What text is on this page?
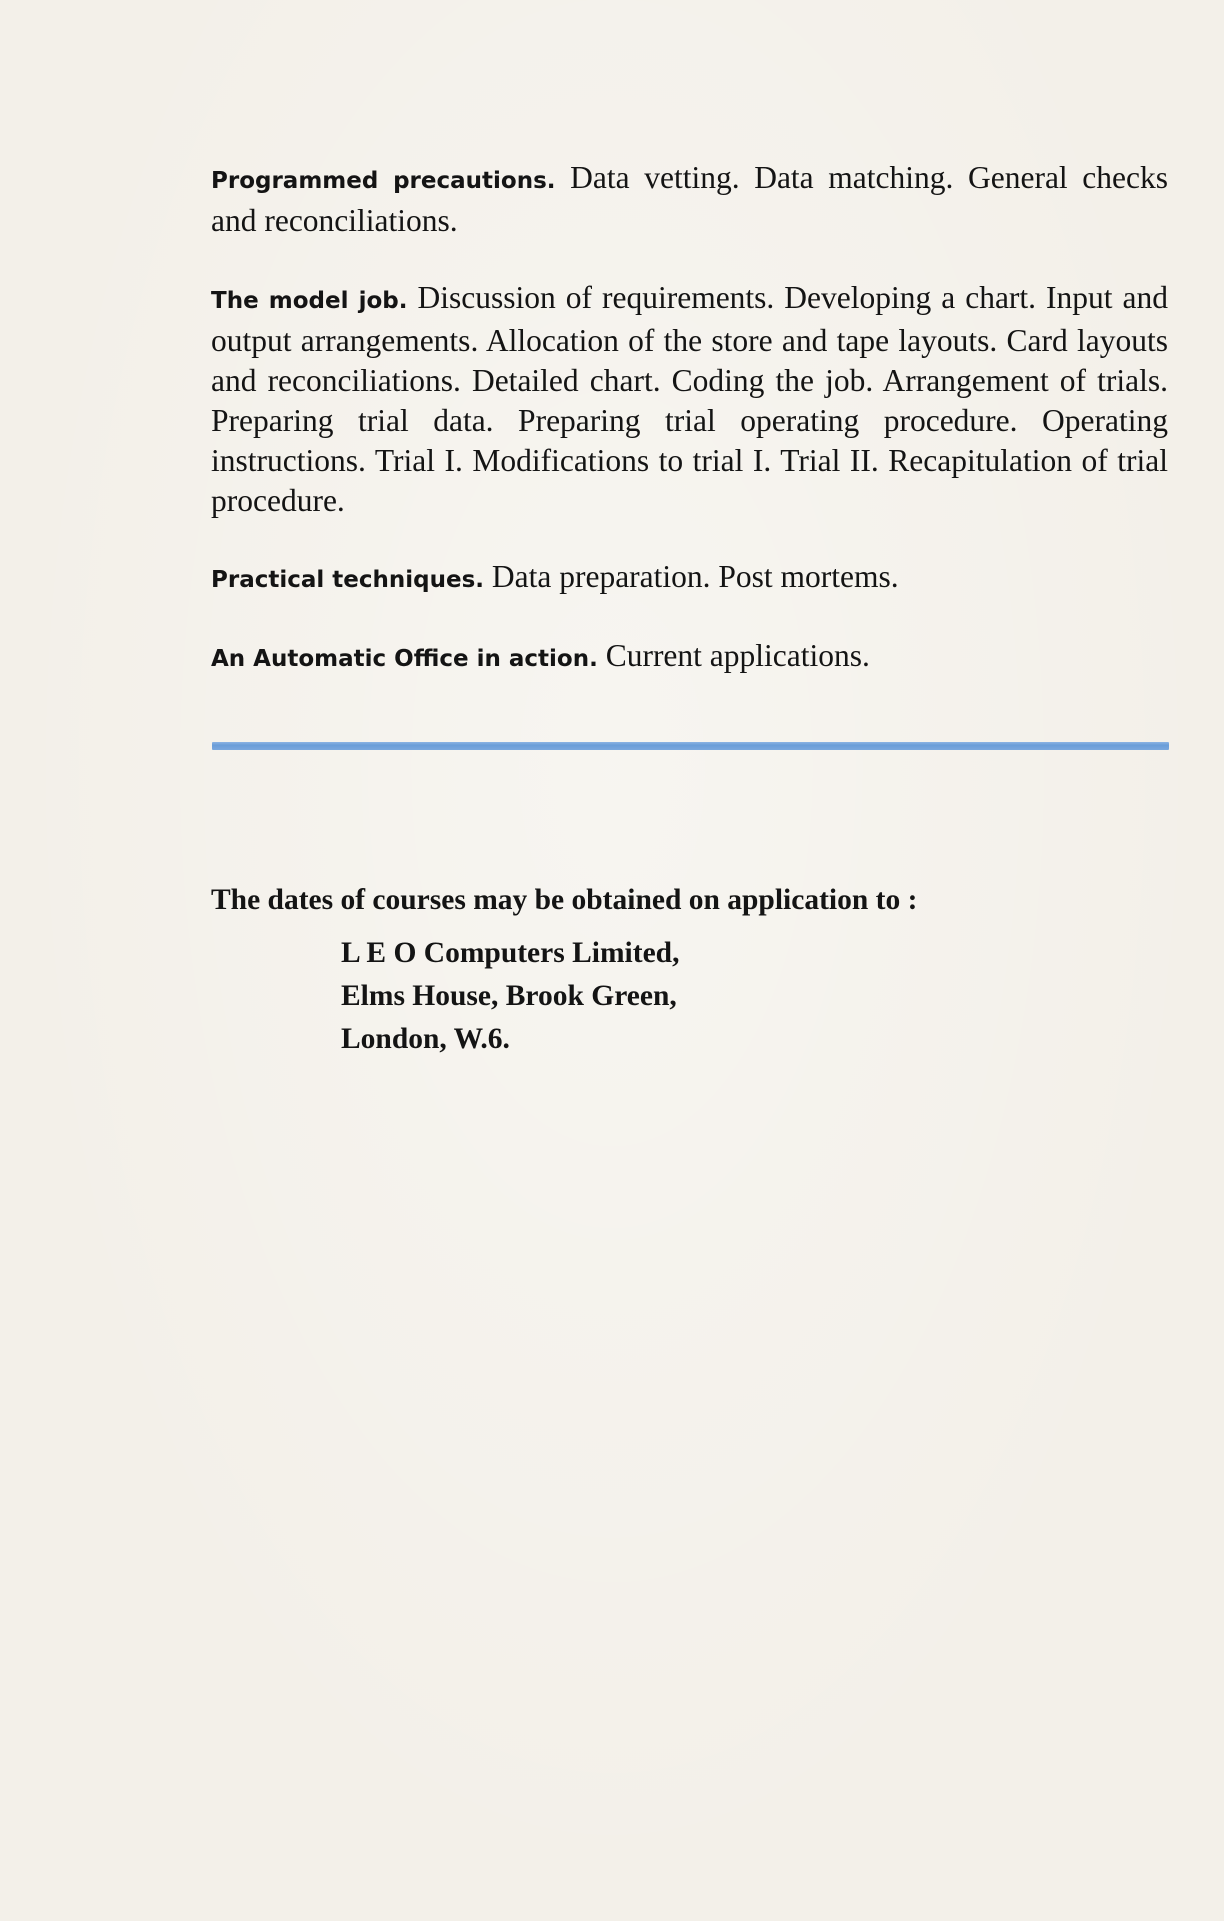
Programmed precautions. Data vetting. Data matching. General checks and reconciliations.

The model job. Discussion of requirements. Developing a chart. Input and output arrangements. Allocation of the store and tape layouts. Card layouts and reconciliations. Detailed chart. Coding the job. Arrangement of trials. Preparing trial data. Preparing trial operating procedure. Operating instructions. Trial I. Modifications to trial I. Trial II. Recapitulation of trial procedure.

Practical techniques. Data preparation. Post mortems.

An Automatic Office in action. Current applications.

The dates of courses may be obtained on application to :

L E O Computers Limited,
Elms House, Brook Green,
London, W.6.
